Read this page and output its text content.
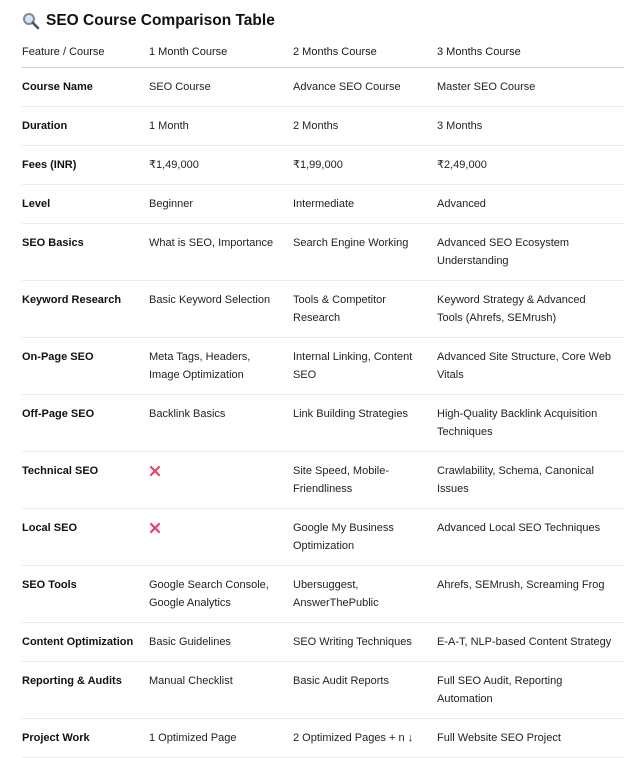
SEO Course Comparison Table
Feature / Course	1 Month Course	2 Months Course	3 Months Course
Course Name	SEO Course	Advance SEO Course	Master SEO Course
Duration	1 Month	2 Months	3 Months
Fees (INR)	₹1,49,000	₹1,99,000	₹2,49,000
Level	Beginner	Intermediate	Advanced
SEO Basics	What is SEO, Importance	Search Engine Working	Advanced SEO Ecosystem Understanding
Keyword Research	Basic Keyword Selection	Tools & Competitor Research	Keyword Strategy & Advanced Tools (Ahrefs, SEMrush)
On-Page SEO	Meta Tags, Headers, Image Optimization	Internal Linking, Content SEO	Advanced Site Structure, Core Web Vitals
Off-Page SEO	Backlink Basics	Link Building Strategies	High-Quality Backlink Acquisition Techniques
Technical SEO		Site Speed, Mobile-Friendliness	Crawlability, Schema, Canonical Issues
Local SEO		Google My Business Optimization	Advanced Local SEO Techniques
SEO Tools	Google Search Console, Google Analytics	Ubersuggest, AnswerThePublic	Ahrefs, SEMrush, Screaming Frog
Content Optimization	Basic Guidelines	SEO Writing Techniques	E-A-T, NLP-based Content Strategy
Reporting & Audits	Manual Checklist	Basic Audit Reports	Full SEO Audit, Reporting Automation
Project Work	1 Optimized Page	2 Optimized Pages + n ↓	Full Website SEO Project
